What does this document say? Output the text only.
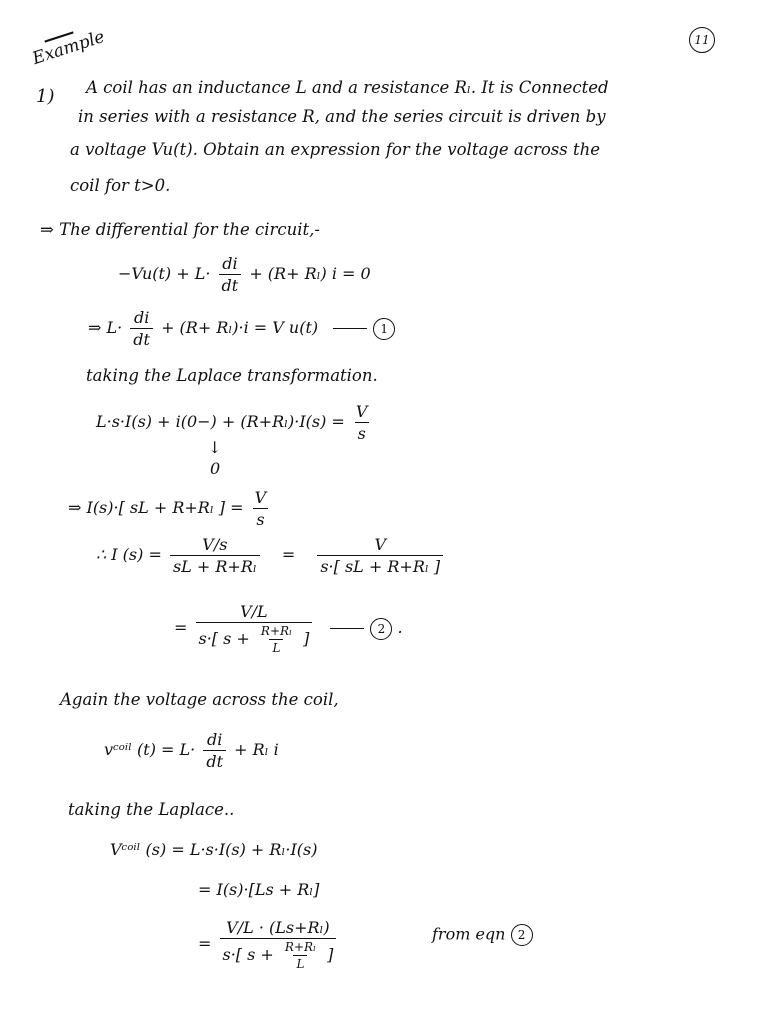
11
Example
1) A coil has an inductance L and a resistance Rₗ. It is Connected
in series with a resistance R, and the series circuit is driven by
a voltage Vu(t). Obtain an expression for the voltage across the
coil for t>0.
⇒ The differential for the circuit,-
$-Vu(t) + L\cdot \frac{di}{dt} + (R+ R_l) i = 0$
⇒ $L\cdot \frac{di}{dt} + (R+ R_l)\cdot i = V$ u(t)	1
taking the Laplace transformation.
$L\cdot s\cdot I(s) + i(0-) + (R+R_l)\cdot I(s) = \frac{V}{s}$
↓
0
⇒ I(s)·[ sL + R+Rₗ ] = $\frac{V}{s}$
∴ I $(s) = \frac{V/s}{\text{sL + R+Rₗ}} = \frac{V}{\text{s·[ sL + R+Rₗ ]}}$
= $\frac{V/L}{s\cdot[ s + \frac{\text{R+Rₗ}}{L} ]}$	2 .
Again the voltage across the coil,
vᶜᵒⁱˡ $(t) = L\cdot \frac{di}{dt} + R_l$ i
taking the Laplace..
Vᶜᵒⁱˡ (s) = L·s·I(s) + Rₗ·I(s)
= I(s)·[Ls + Rₗ]
= $\frac{\text{V/L · (Ls+Rₗ)}}{s\cdot[ s + \frac{\text{R+Rₗ}}{L} ]}$	from eqn 2
